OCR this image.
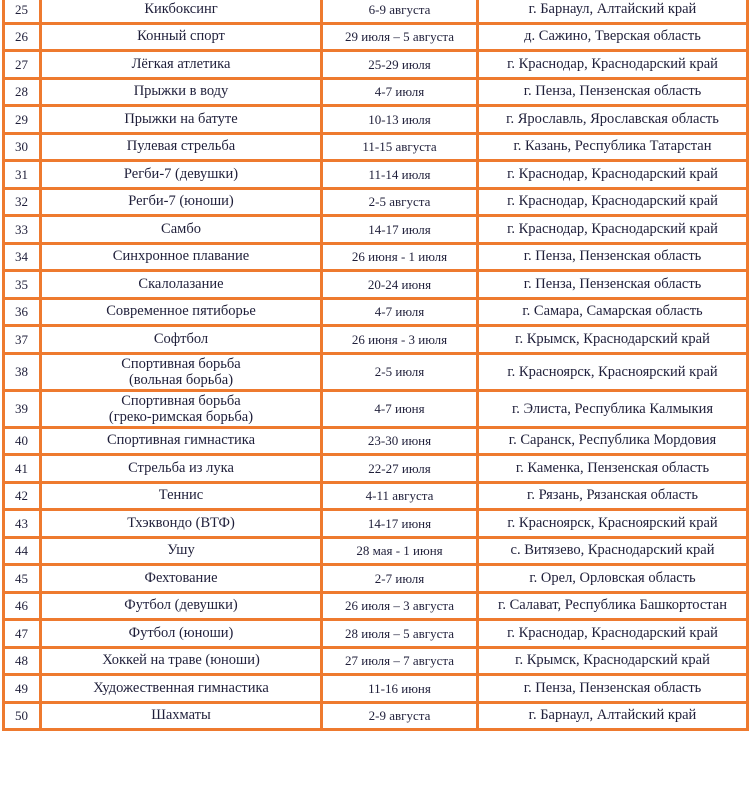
25	Кикбоксинг	6-9 августа	г. Барнаул, Алтайский край
26	Конный спорт	29 июля – 5 августа	д. Сажино, Тверская область
27	Лёгкая атлетика	25-29 июля	г. Краснодар, Краснодарский край
28	Прыжки в воду	4-7 июля	г. Пенза, Пензенская область
29	Прыжки на батуте	10-13 июля	г. Ярославль, Ярославская область
30	Пулевая стрельба	11-15 августа	г. Казань, Республика Татарстан
31	Регби-7 (девушки)	11-14 июля	г. Краснодар, Краснодарский край
32	Регби-7 (юноши)	2-5 августа	г. Краснодар, Краснодарский край
33	Самбо	14-17 июля	г. Краснодар, Краснодарский край
34	Синхронное плавание	26 июня - 1 июля	г. Пенза, Пензенская область
35	Скалолазание	20-24 июня	г. Пенза, Пензенская область
36	Современное пятиборье	4-7 июля	г. Самара, Самарская область
37	Софтбол	26 июня - 3 июля	г. Крымск, Краснодарский край
38	Спортивная борьба
(вольная борьба)	2-5 июля	г. Красноярск, Красноярский край
39	Спортивная борьба
(греко-римская борьба)	4-7 июня	г. Элиста, Республика Калмыкия
40	Спортивная гимнастика	23-30 июня	г. Саранск, Республика Мордовия
41	Стрельба из лука	22-27 июля	г. Каменка, Пензенская область
42	Теннис	4-11 августа	г. Рязань, Рязанская область
43	Тхэквондо (ВТФ)	14-17 июня	г. Красноярск, Красноярский край
44	Ушу	28 мая - 1 июня	с. Витязево, Краснодарский край
45	Фехтование	2-7 июля	г. Орел, Орловская область
46	Футбол (девушки)	26 июля – 3 августа	г. Салават, Республика Башкортостан
47	Футбол (юноши)	28 июля – 5 августа	г. Краснодар, Краснодарский край
48	Хоккей на траве (юноши)	27 июля – 7 августа	г. Крымск, Краснодарский край
49	Художественная гимнастика	11-16 июня	г. Пенза, Пензенская область
50	Шахматы	2-9 августа	г. Барнаул, Алтайский край
